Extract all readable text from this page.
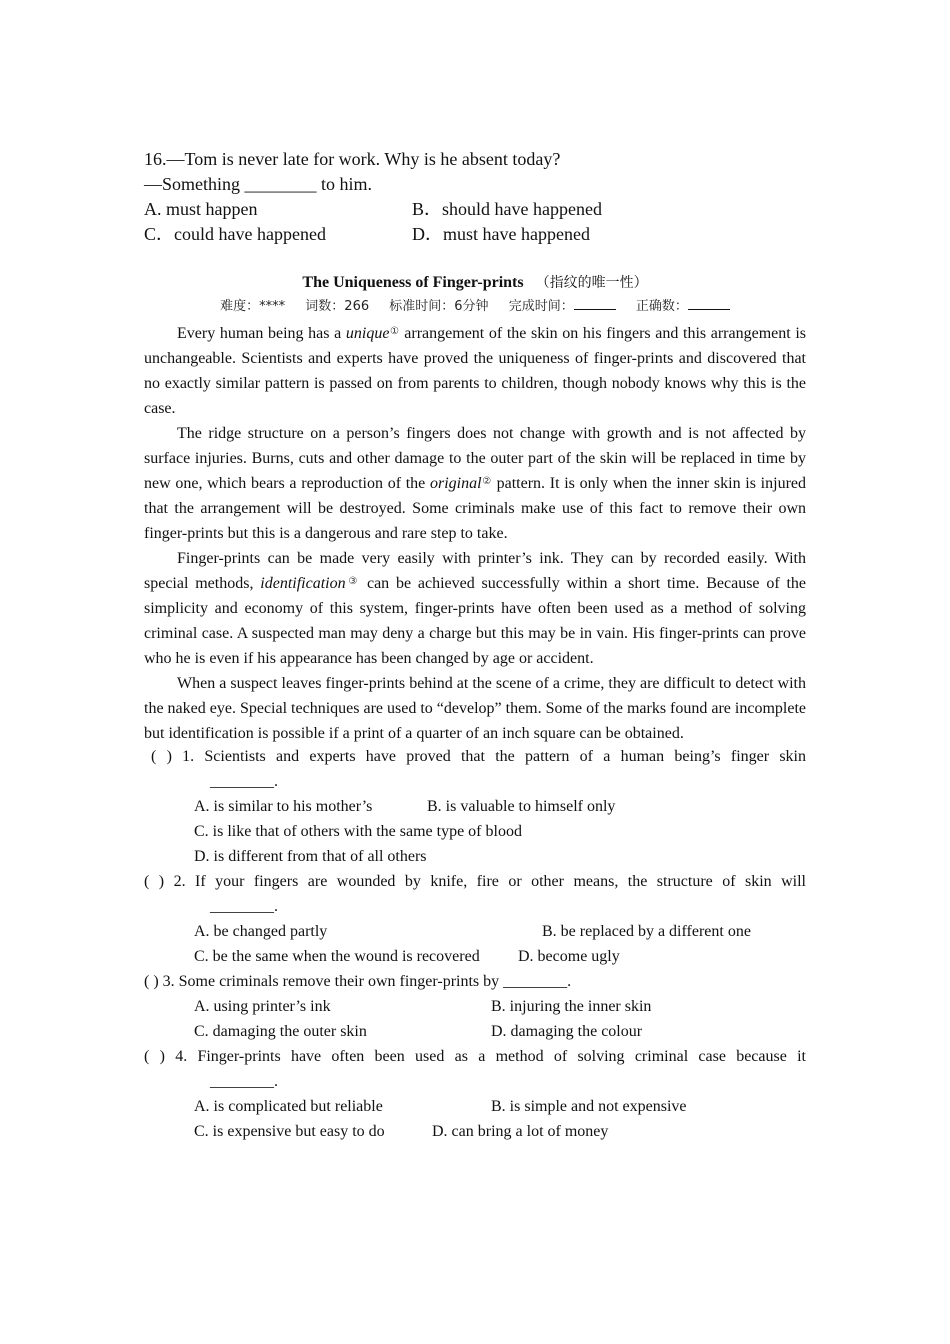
16.—Tom is never late for work. Why is he absent today?
—Something ________ to him.
A. must happen	B．should have happened
C．could have happened	D．must have happened
The Uniqueness of Finger-prints （指纹的唯一性）
难度：**** 词数：266 标准时间：6分钟 完成时间：	正确数：

Every human being has a unique① arrangement of the skin on his fingers and this arrangement is unchangeable. Scientists and experts have proved the uniqueness of finger-prints and discovered that no exactly similar pattern is passed on from parents to children, though nobody knows why this is the case.

The ridge structure on a person’s fingers does not change with growth and is not affected by surface injuries. Burns, cuts and other damage to the outer part of the skin will be replaced in time by new one, which bears a reproduction of the original② pattern. It is only when the inner skin is injured that the arrangement will be destroyed. Some criminals make use of this fact to remove their own finger-prints but this is a dangerous and rare step to take.

Finger-prints can be made very easily with printer’s ink. They can by recorded easily. With special methods, identification③ can be achieved successfully within a short time. Because of the simplicity and economy of this system, finger-prints have often been used as a method of solving criminal case. A suspected man may deny a charge but this may be in vain. His finger-prints can prove who he is even if his appearance has been changed by age or accident.

When a suspect leaves finger-prints behind at the scene of a crime, they are difficult to detect with the naked eye. Special techniques are used to “develop” them. Some of the marks found are incomplete but identification is possible if a print of a quarter of an inch square can be obtained.

( ) 1. Scientists and experts have proved that the pattern of a human being’s finger skin
________.
A. is similar to his mother’s	B. is valuable to himself only
C. is like that of others with the same type of blood
D. is different from that of all others
( ) 2. If your fingers are wounded by knife, fire or other means, the structure of skin will
________.
A. be changed partly	B. be replaced by a different one
C. be the same when the wound is recovered	D. become ugly
( ) 3. Some criminals remove their own finger-prints by ________.
A. using printer’s ink	B. injuring the inner skin
C. damaging the outer skin	D. damaging the colour
( ) 4. Finger-prints have often been used as a method of solving criminal case because it
________.
A. is complicated but reliable	B. is simple and not expensive
C. is expensive but easy to do	D. can bring a lot of money
